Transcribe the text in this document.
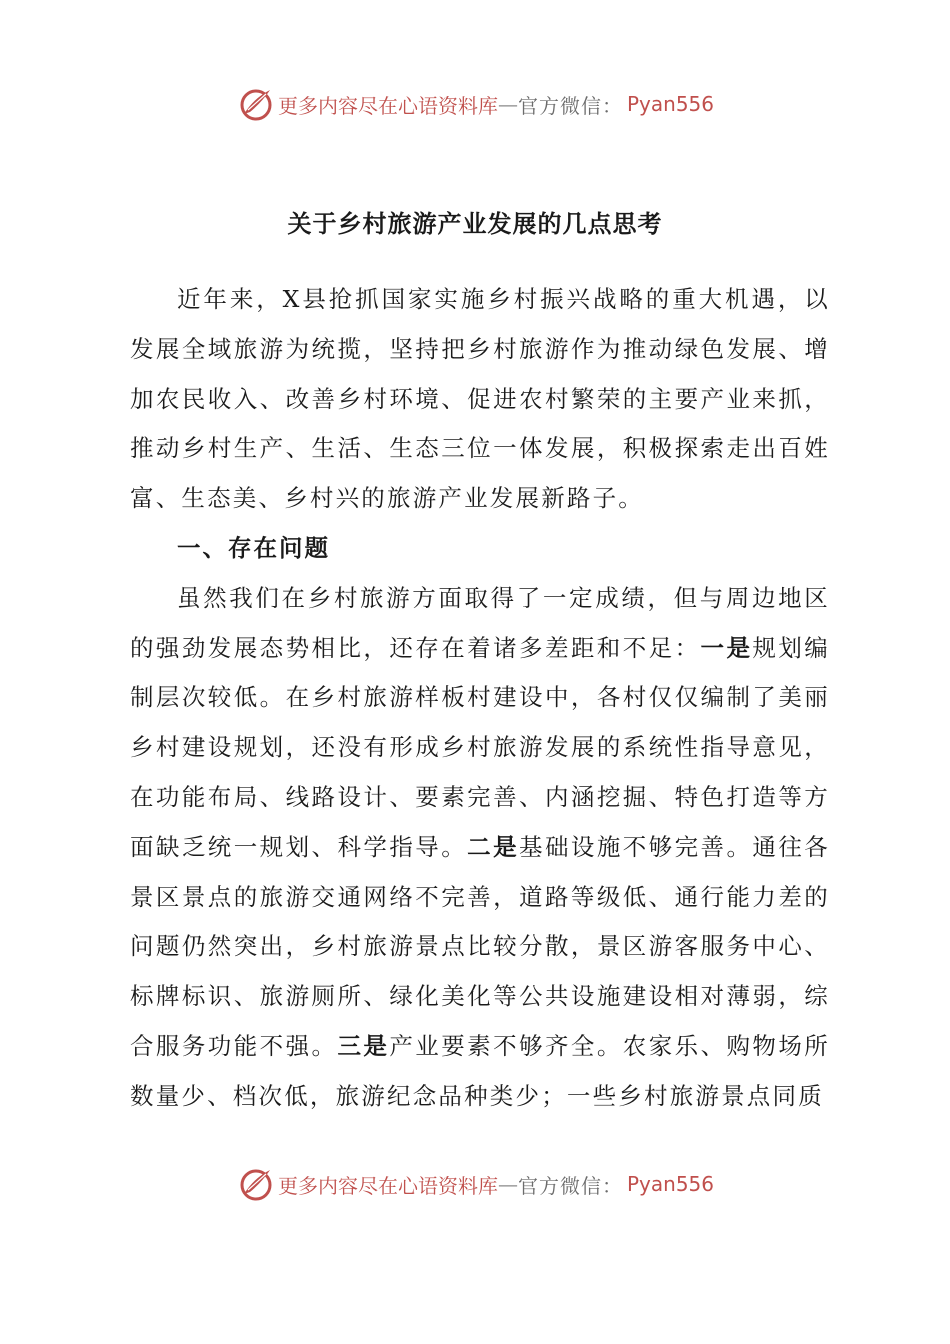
更多内容尽在心语资料库 — 官方微信： Pyan556
关于乡村旅游产业发展的几点思考

近年来，X县抢抓国家实施乡村振兴战略的重大机遇，以发展全域旅游为统揽，坚持把乡村旅游作为推动绿色发展、增加农民收入、改善乡村环境、促进农村繁荣的主要产业来抓，推动乡村生产、生活、生态三位一体发展，积极探索走出百姓富、生态美、乡村兴的旅游产业发展新路子。

一、存在问题

虽然我们在乡村旅游方面取得了一定成绩，但与周边地区的强劲发展态势相比，还存在着诸多差距和不足：一是规划编制层次较低。在乡村旅游样板村建设中，各村仅仅编制了美丽乡村建设规划，还没有形成乡村旅游发展的系统性指导意见，在功能布局、线路设计、要素完善、内涵挖掘、特色打造等方面缺乏统一规划、科学指导。二是基础设施不够完善。通往各景区景点的旅游交通网络不完善，道路等级低、通行能力差的问题仍然突出，乡村旅游景点比较分散，景区游客服务中心、标牌标识、旅游厕所、绿化美化等公共设施建设相对薄弱，综合服务功能不强。三是产业要素不够齐全。农家乐、购物场所数量少、档次低，旅游纪念品种类少；一些乡村旅游景点同质

更多内容尽在心语资料库 — 官方微信： Pyan556
